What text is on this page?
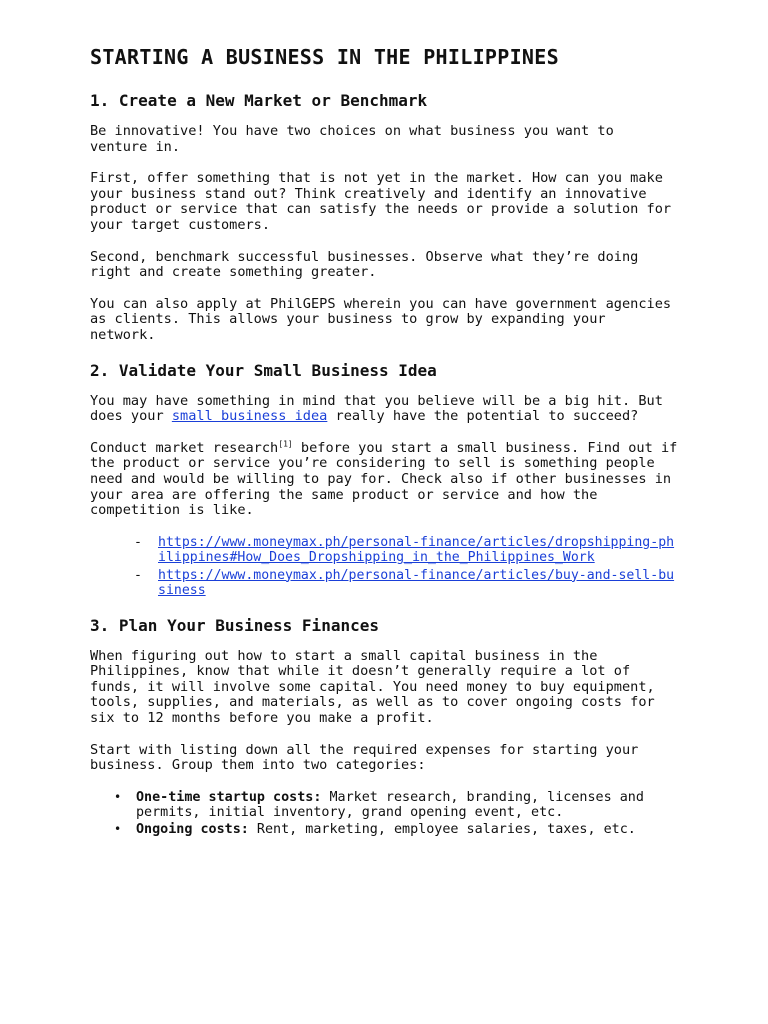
STARTING A BUSINESS IN THE PHILIPPINES
1. Create a New Market or Benchmark

Be innovative! You have two choices on what business you want to venture in.

First, offer something that is not yet in the market. How can you make your business stand out? Think creatively and identify an innovative product or service that can satisfy the needs or provide a solution for your target customers.

Second, benchmark successful businesses. Observe what they’re doing right and create something greater.

You can also apply at PhilGEPS wherein you can have government agencies as clients. This allows your business to grow by expanding your network.

2. Validate Your Small Business Idea

You may have something in mind that you believe will be a big hit. But does your small business idea really have the potential to succeed?

Conduct market research[1] before you start a small business. Find out if the product or service you’re considering to sell is something people need and would be willing to pay for. Check also if other businesses in your area are offering the same product or service and how the competition is like.

- https://www.moneymax.ph/personal-finance/articles/dropshipping-philippines#How_Does_Dropshipping_in_the_Philippines_Work
- https://www.moneymax.ph/personal-finance/articles/buy-and-sell-business
3. Plan Your Business Finances

When figuring out how to start a small capital business in the Philippines, know that while it doesn’t generally require a lot of funds, it will involve some capital. You need money to buy equipment, tools, supplies, and materials, as well as to cover ongoing costs for six to 12 months before you make a profit.

Start with listing down all the required expenses for starting your business. Group them into two categories:

• One-time startup costs: Market research, branding, licenses and permits, initial inventory, grand opening event, etc.
• Ongoing costs: Rent, marketing, employee salaries, taxes, etc.
